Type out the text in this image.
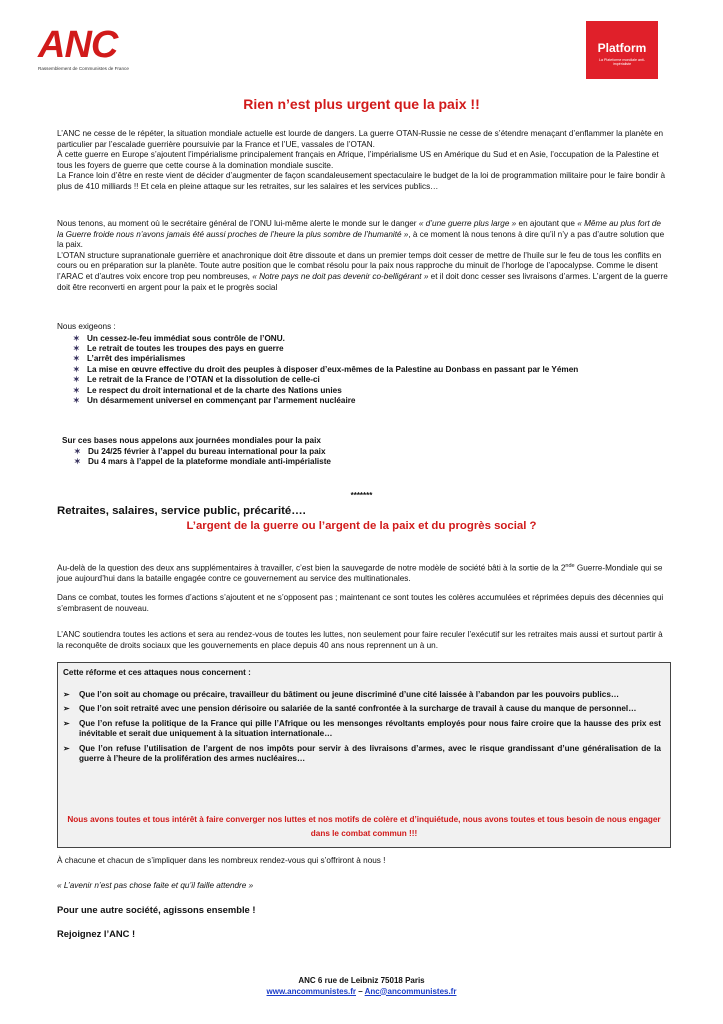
ANC
Rassemblement de Communistes de France
Platform
La Plateforme mondiale anti-impérialiste
Rien n’est plus urgent que la paix !!

L’ANC ne cesse de le répéter, la situation mondiale actuelle est lourde de dangers. La guerre OTAN-Russie ne cesse de s’étendre menaçant d’enflammer la planète en particulier par l’escalade guerrière poursuivie par la France et l’UE, vassales de l’OTAN.

À cette guerre en Europe s’ajoutent l’impérialisme principalement français en Afrique, l’impérialisme US en Amérique du Sud et en Asie, l’occupation de la Palestine et tous les foyers de guerre que cette course à la domination mondiale suscite.

La France loin d’être en reste vient de décider d’augmenter de façon scandaleusement spectaculaire le budget de la loi de programmation militaire pour le faire bondir à plus de 410 milliards !! Et cela en pleine attaque sur les retraites, sur les salaires et les services publics…

Nous tenons, au moment où le secrétaire général de l’ONU lui-même alerte le monde sur le danger « d’une guerre plus large » en ajoutant que « Même au plus fort de la Guerre froide nous n’avons jamais été aussi proches de l’heure la plus sombre de l’humanité », à ce moment là nous tenons à dire qu’il n’y a pas d’autre solution que la paix.

L’OTAN structure supranationale guerrière et anachronique doit être dissoute et dans un premier temps doit cesser de mettre de l’huile sur le feu de tous les conflits en cours ou en préparation sur la planète. Toute autre position que le combat résolu pour la paix nous rapproche du minuit de l’horloge de l’apocalypse. Comme le disent l’ARAC et d’autres voix encore trop peu nombreuses, « Notre pays ne doit pas devenir co-belligérant » et il doit donc cesser ses livraisons d’armes. L’argent de la guerre doit être reconverti en argent pour la paix et le progrès social

Nous exigeons :

✶ Un cessez-le-feu immédiat sous contrôle de l’ONU.
✶ Le retrait de toutes les troupes des pays en guerre
✶ L’arrêt des impérialismes
✶ La mise en œuvre effective du droit des peuples à disposer d’eux-mêmes de la Palestine au Donbass en passant par le Yémen
✶ Le retrait de la France de l’OTAN et la dissolution de celle-ci
✶ Le respect du droit international et de la charte des Nations unies
✶ Un désarmement universel en commençant par l’armement nucléaire

Sur ces bases nous appelons aux journées mondiales pour la paix

✶ Du 24/25 février à l’appel du bureau international pour la paix
✶ Du 4 mars à l’appel de la plateforme mondiale anti-impérialiste
*******
Retraites, salaires, service public, précarité….
L’argent de la guerre ou l’argent de la paix et du progrès social ?

Au-delà de la question des deux ans supplémentaires à travailler, c’est bien la sauvegarde de notre modèle de société bâti à la sortie de la 2nde Guerre-Mondiale qui se joue aujourd’hui dans la bataille engagée contre ce gouvernement au service des multinationales.

Dans ce combat, toutes les formes d’actions s’ajoutent et ne s’opposent pas ; maintenant ce sont toutes les colères accumulées et réprimées depuis des décennies qui s’embrasent de nouveau.

L’ANC soutiendra toutes les actions et sera au rendez-vous de toutes les luttes, non seulement pour faire reculer l’exécutif sur les retraites mais aussi et surtout partir à la reconquête de droits sociaux que les gouvernements en place depuis 40 ans nous reprennent un à un.

Cette réforme et ces attaques nous concernent :
➢ Que l’on soit au chomage ou précaire, travailleur du bâtiment ou jeune discriminé d’une cité laissée à l’abandon par les pouvoirs publics…
➢ Que l’on soit retraité avec une pension dérisoire ou salariée de la santé confrontée à la surcharge de travail à cause du manque de personnel…
➢ Que l’on refuse la politique de la France qui pille l’Afrique ou les mensonges révoltants employés pour nous faire croire que la hausse des prix est inévitable et serait due uniquement à la situation internationale…
➢ Que l’on refuse l’utilisation de l’argent de nos impôts pour servir à des livraisons d’armes, avec le risque grandissant d’une généralisation de la guerre à l’heure de la prolifération des armes nucléaires…
Nous avons toutes et tous intérêt à faire converger nos luttes et nos motifs de colère et d’inquiétude, nous avons toutes et tous besoin de nous engager dans le combat commun !!!

À chacune et chacun de s’impliquer dans les nombreux rendez-vous qui s’offriront à nous !

« L’avenir n’est pas chose faite et qu’il faille attendre »

Pour une autre société, agissons ensemble !
Rejoignez l’ANC !
ANC 6 rue de Leibniz 75018 Paris
www.ancommunistes.fr – Anc@ancommunistes.fr
